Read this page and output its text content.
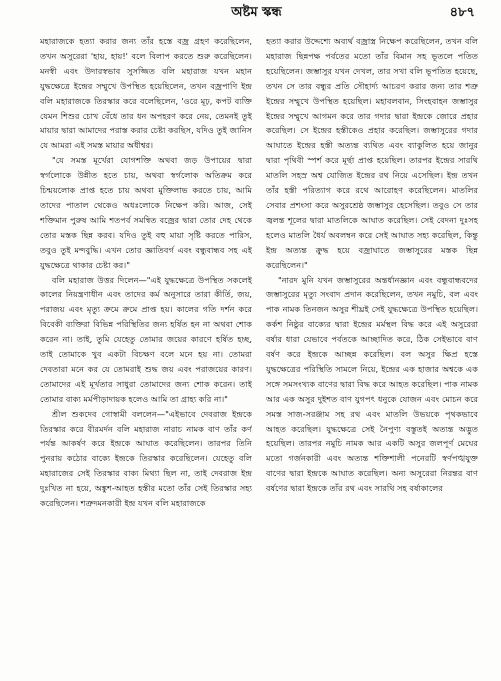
অষ্টম স্কন্ধ	৪৮৭

মহারাজকে হত্যা করার জন্য তাঁর হস্তে বজ্র গ্রহণ করেছিলেন, তখন অসুরেরা 'হায়, হায়!' বলে বিলাপ করতে শুরু করেছিলেন। মনস্বী এবং উদারস্বভাব সুসজ্জিত বলি মহারাজ যখন মহান যুদ্ধক্ষেত্রে ইন্দ্রের সম্মুখে উপস্থিত হয়েছিলেন, তখন বজ্রপাণি ইন্দ্র বলি মহারাজকে তিরস্কার করে বলেছিলেন, 'ওরে মূঢ়, কপট ব্যক্তি যেমন শিশুর চোখ বেঁধে তার ধন অপহরণ করে নেয়, তেমনই তুই মায়ার দ্বারা আমাদের পরাস্ত করার চেষ্টা করছিস, যদিও তুই জানিস যে আমরা এই সমস্ত মায়ার অধীশ্বর।

"যে সমস্ত মূর্খেরা যোগশক্তি অথবা জড় উপায়ের দ্বারা স্বর্গলোকে উন্নীত হতে চায়, অথবা স্বর্গলোক অতিক্রম করে চিন্ময়লোক প্রাপ্ত হতে চায় অথবা মুক্তিলাভ করতে চায়, আমি তাদের পাতাল থেকেও অধঃলোকে নিক্ষেপ করি। আজ, সেই শক্তিমান পুরুষ আমি শতপর্ব সমন্বিত বজ্রের দ্বারা তোর দেহ থেকে তোর মস্তক ছিন্ন করব। যদিও তুই বহু মায়া সৃষ্টি করতে পারিস, তবুও তুই মন্দবুদ্ধি। এখন তোর জ্ঞাতিবর্গ এবং বন্ধুবান্ধব সহ এই যুদ্ধক্ষেত্রে থাকার চেষ্টা কর।"

বলি মহারাজ উত্তর দিলেন—"এই যুদ্ধক্ষেত্রে উপস্থিত সকলেই কালের নিয়ন্ত্রণাধীন এবং তাদের কর্ম অনুসারে তারা কীর্তি, জয়, পরাজয় এবং মৃত্যু ক্রমে ক্রমে প্রাপ্ত হয়। কালের গতি দর্শন করে বিবেকী ব্যক্তিরা বিভিন্ন পরিস্থিতির জন্য হর্ষিত হন না অথবা শোক করেন না। তাই, তুমি যেহেতু তোমার জয়ের কারণে হর্ষিত হচ্ছ, তাই তোমাকে খুব একটা বিচক্ষণ বলে মনে হয় না। তোমরা দেবতারা মনে কর যে তোমরাই শুদ্ধ জয় এবং পরাজয়ের কারণ। তোমাদের এই মূর্খতার সাধুরা তোমাদের জন্য শোক করেন। তাই তোমার বাক্য মর্মপীড়াদায়ক হলেও আমি তা গ্রাহ্য করি না।"

শ্রীল শুকদেব গোস্বামী বললেন—"এইভাবে দেবরাজ ইন্দ্রকে তিরস্কার করে বীরমর্দন বলি মহারাজ নারাচ নামক বাণ তাঁর কর্ণ পর্যন্ত আকর্ষণ করে ইন্দ্রকে আঘাত করেছিলেন। তারপর তিনি পুনরায় কঠোর বাক্যে ইন্দ্রকে তিরস্কার করেছিলেন। যেহেতু বলি মহারাজের সেই তিরস্কার বাক্য মিথ্যা ছিল না, তাই দেবরাজ ইন্দ্র দুঃখিত না হয়ে, অঙ্কুশ-আহত হস্তীর মতো তাঁর সেই তিরস্কার সহ্য করেছিলেন। শত্রুদমনকারী ইন্দ্র যখন বলি মহারাজকে

হত্যা করার উদ্দেশ্যে অব্যর্থ বজ্রাস্ত্র নিক্ষেপ করেছিলেন, তখন বলি মহারাজ ছিন্নপক্ষ পর্বতের মতো তাঁর বিমান সহ ভূতলে পতিত হয়েছিলেন। জম্ভাসুর যখন দেখল, তার সখা বলি ভূপতিত হয়েছে, তখন সে তার বন্ধুর প্রতি সৌহার্দ্য আচরণ করার জন্য তার শত্রু ইন্দ্রের সম্মুখে উপস্থিত হয়েছিল। মহাবলবান, সিংহবাহন জম্ভাসুর ইন্দ্রের সম্মুখে আগমন করে তার গদার দ্বারা ইন্দ্রকে জোরে প্রহার করেছিল। সে ইন্দ্রের হস্তীকেও প্রহার করেছিল। জম্ভাসুরের গদার আঘাতে ইন্দ্রের হস্তী অত্যন্ত ব্যথিত এবং ব্যাকুলিত হয়ে জানুর দ্বারা পৃথিবী স্পর্শ করে মূর্ছা প্রাপ্ত হয়েছিল। তারপর ইন্দ্রের সারথি মাতলি সহস্র অশ্ব যোজিত ইন্দ্রের রথ নিয়ে এসেছিল। ইন্দ্র তখন তাঁর হস্তী পরিত্যাগ করে রথে আরোহণ করেছিলেন। মাতলির সেবার প্রশংসা করে অসুরশ্রেষ্ঠ জম্ভাসুর হেসেছিল। তবুও সে তার জ্বলন্ত শূলের দ্বারা মাতলিকে আঘাত করেছিল। সেই বেদনা দুঃসহ হলেও মাতলি ধৈর্য অবলম্বন করে সেই আঘাত সহ্য করেছিল, কিন্তু ইন্দ্র অত্যন্ত ক্রুদ্ধ হয়ে বজ্রাঘাতে জম্ভাসুরের মস্তক ছিন্ন করেছিলেন।"

"নারদ মুনি যখন জম্ভাসুরের অন্তর্ধানজ্ঞান এবং বন্ধুবান্ধবদের জম্ভাসুরের মৃত্যু সংবাদ প্রদান করেছিলেন, তখন নমুচি, বল এবং পাক নামক তিনজন অসুর শীঘ্রই সেই যুদ্ধক্ষেত্রে উপস্থিত হয়েছিল। কর্কশ নিষ্ঠুর বাক্যের দ্বারা ইন্দ্রের মর্মস্থল বিদ্ধ করে এই অসুরেরা বর্ষার ধারা যেভাবে পর্বতকে আচ্ছাদিত করে, ঠিক সেইভাবে বাণ বর্ষণ করে ইন্দ্রকে আচ্ছন্ন করেছিল। বল অসুর ক্ষিপ্র হস্তে যুদ্ধক্ষেত্রের পরিস্থিতি সামলে নিয়ে, ইন্দ্রের এক হাজার অশ্বকে এক সঙ্গে সমসংখ্যক বাণের দ্বারা বিদ্ধ করে আহত করেছিল। পাক নামক আর এক অসুর দুইশত বাণ যুগপৎ ধনুকে যোজন এবং মোচন করে সমস্ত সাজ-সরঞ্জাম সহ রথ এবং মাতলি উভয়কে পৃথকভাবে আহত করেছিল। যুদ্ধক্ষেত্রে সেই নৈপুণ্য বস্তুতই অত্যন্ত অদ্ভুত হয়েছিল। তারপর নমুচি নামক আর একটি অসুর জলপূর্ণ মেঘের মতো গর্জনকারী এবং অত্যন্ত শক্তিশালী পনেরটি স্বর্ণপঙ্খযুক্ত বাণের দ্বারা ইন্দ্রকে আঘাত করেছিল। অন্য অসুরেরা নিরন্তর বাণ বর্ষণের দ্বারা ইন্দ্রকে তাঁর রথ এবং সারথি সহ বর্ষাকালের
